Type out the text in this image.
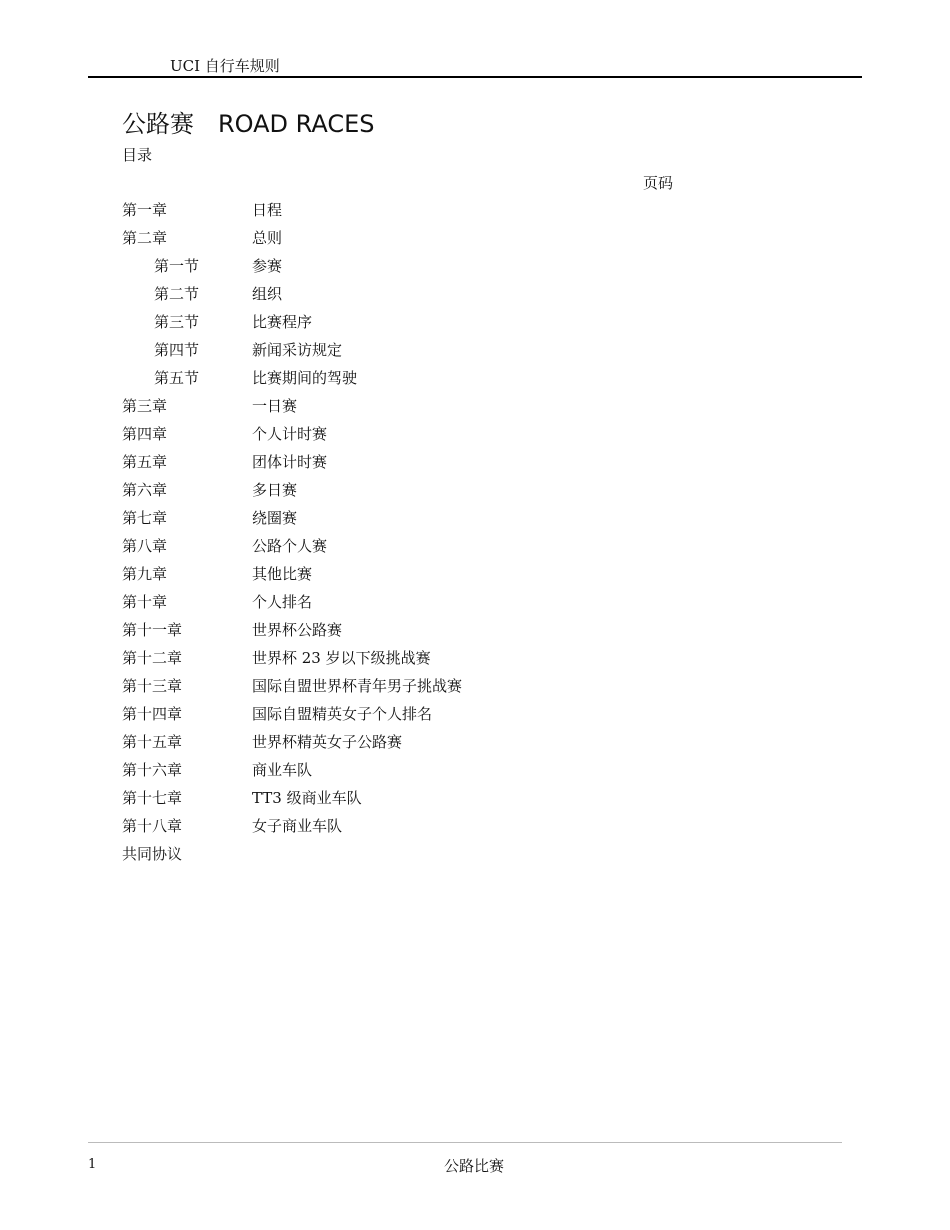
UCI 自行车规则
公路赛　ROAD RACES
目录
页码
第一章	日程
第二章	总则
第一节	参赛
第二节	组织
第三节	比赛程序
第四节	新闻采访规定
第五节	比赛期间的驾驶
第三章	一日赛
第四章	个人计时赛
第五章	团体计时赛
第六章	多日赛
第七章	绕圈赛
第八章	公路个人赛
第九章	其他比赛
第十章	个人排名
第十一章	世界杯公路赛
第十二章	世界杯 23 岁以下级挑战赛
第十三章	国际自盟世界杯青年男子挑战赛
第十四章	国际自盟精英女子个人排名
第十五章	世界杯精英女子公路赛
第十六章	商业车队
第十七章	TT3 级商业车队
第十八章	女子商业车队
共同协议
1	公路比赛
